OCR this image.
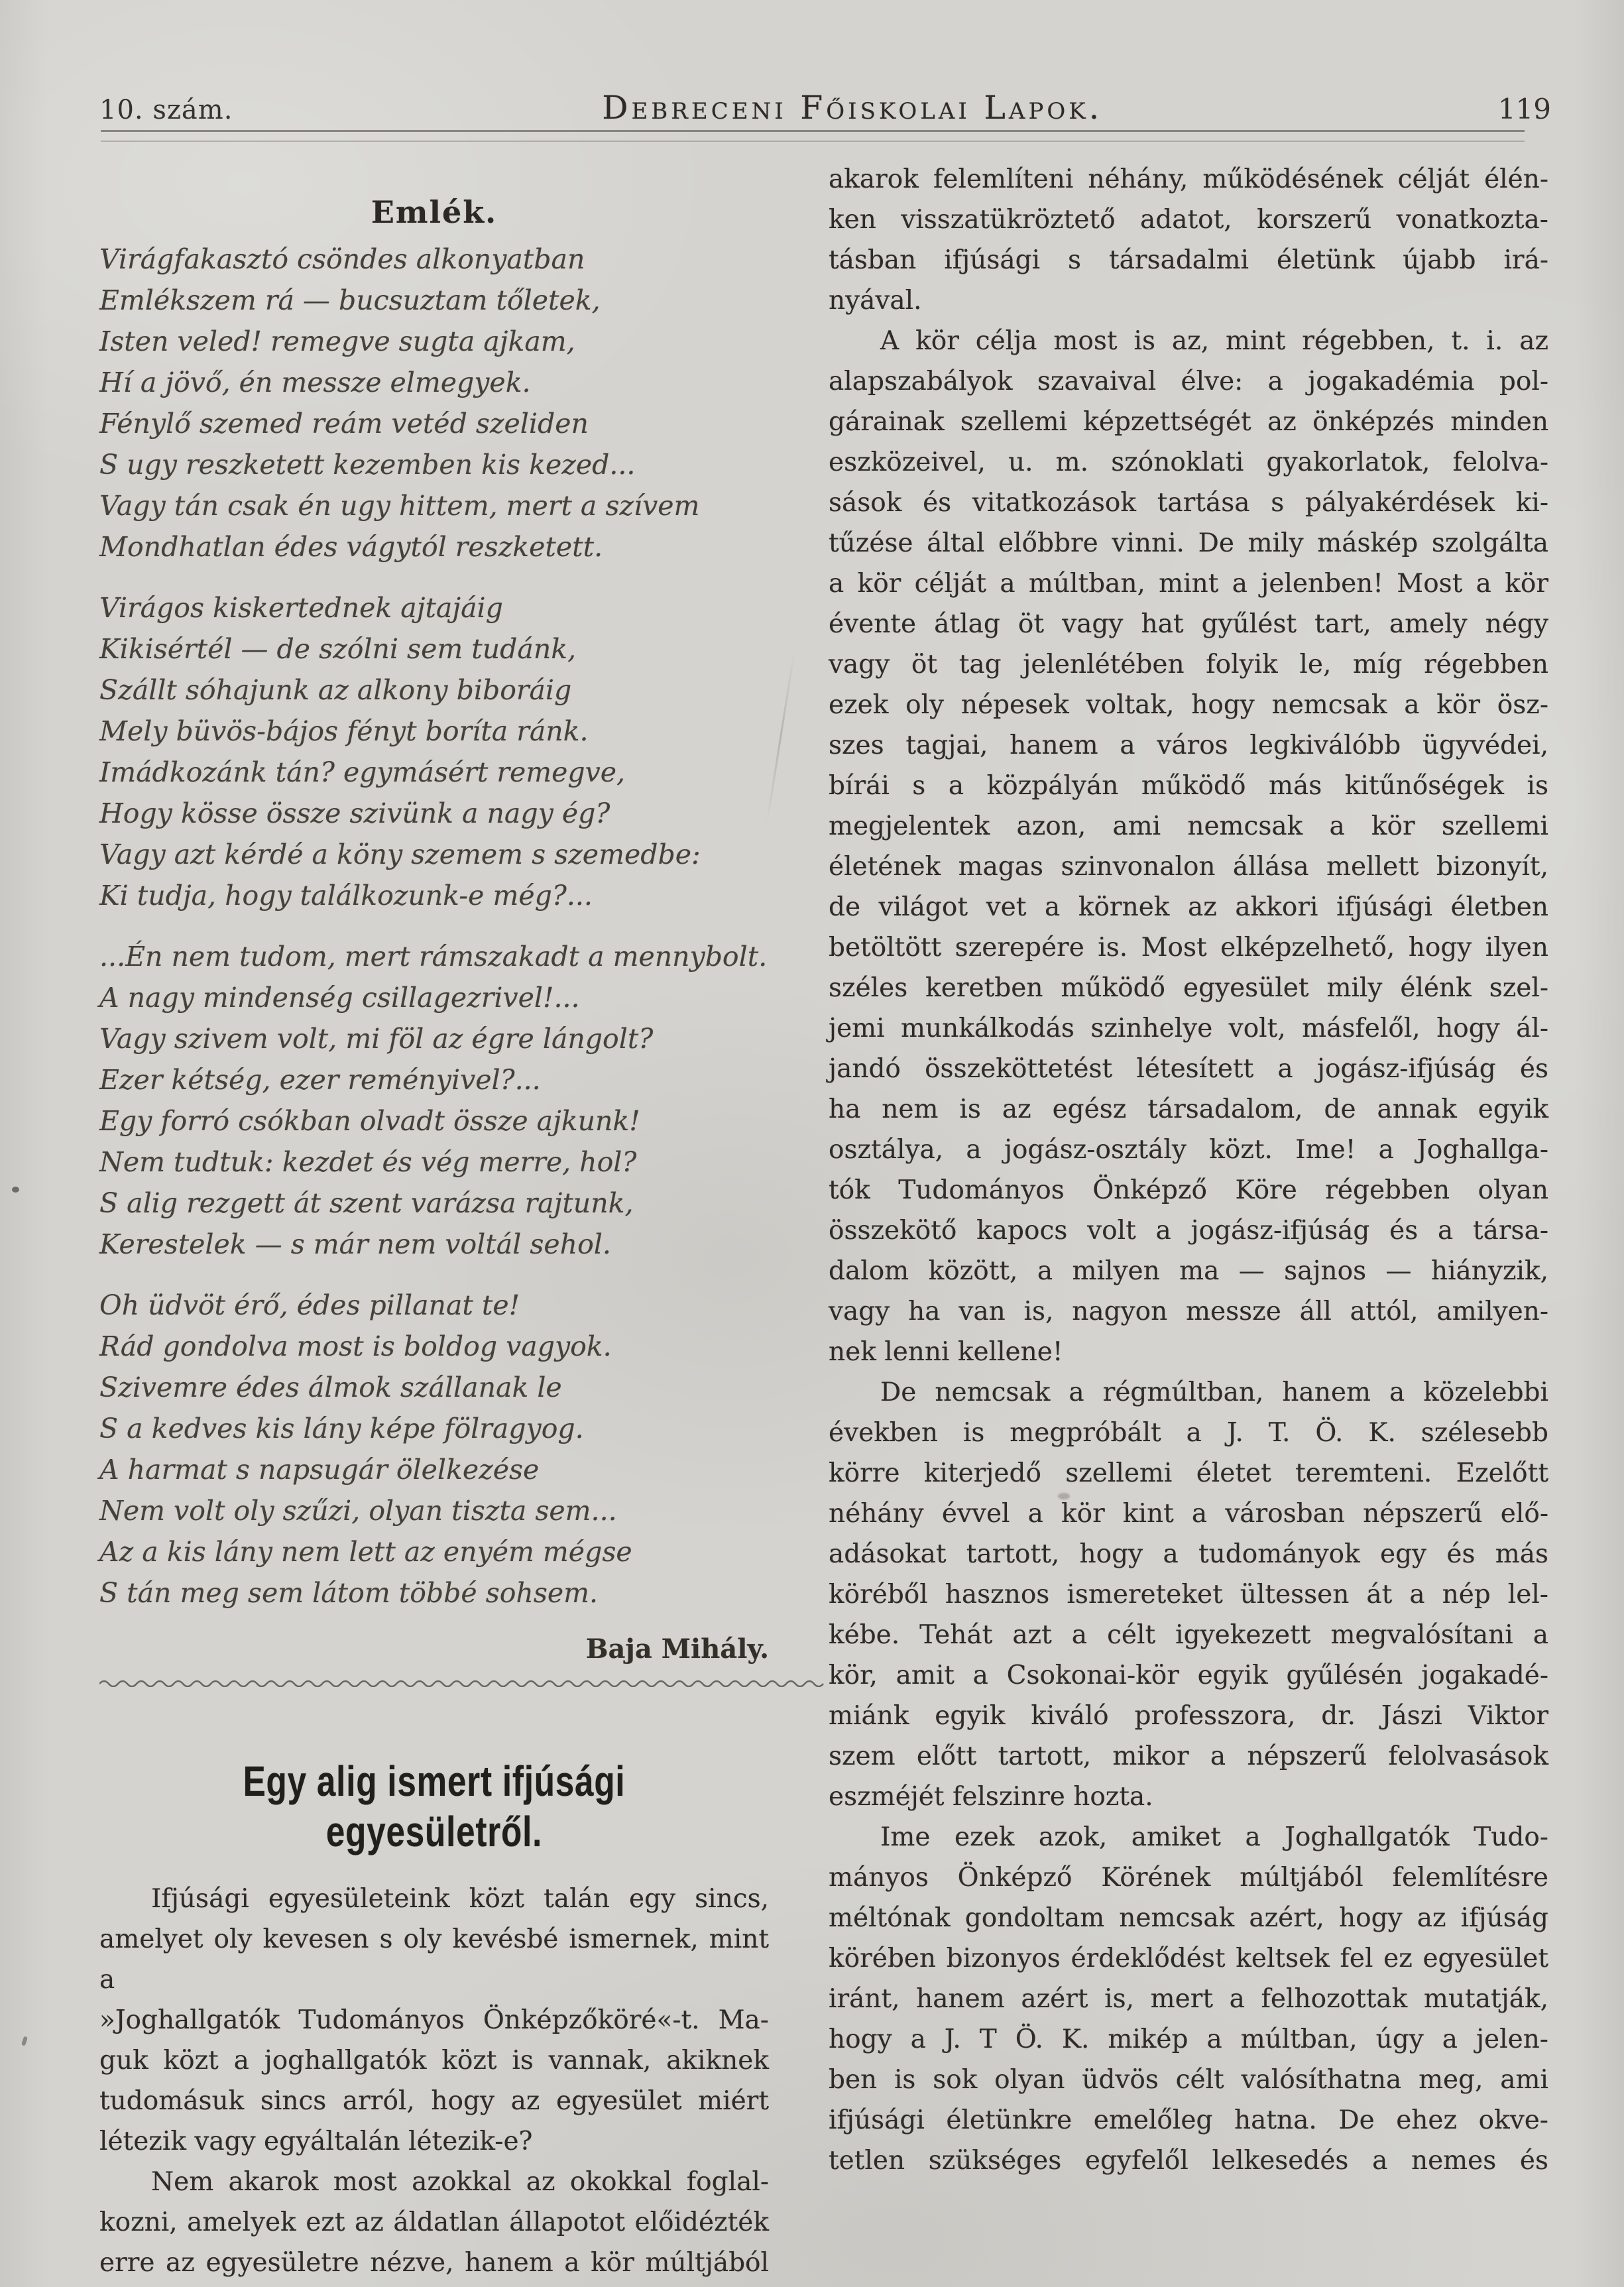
10. szám.	Debreceni Főiskolai Lapok.	119
Emlék.
Virágfakasztó csöndes alkonyatban
Emlékszem rá — bucsuztam tőletek,
Isten veled! remegve sugta ajkam,
Hí a jövő, én messze elmegyek.
Fénylő szemed reám vetéd szeliden
S ugy reszketett kezemben kis kezed...
Vagy tán csak én ugy hittem, mert a szívem
Mondhatlan édes vágytól reszketett.
Virágos kiskertednek ajtajáig
Kikisértél — de szólni sem tudánk,
Szállt sóhajunk az alkony biboráig
Mely büvös-bájos fényt boríta ránk.
Imádkozánk tán? egymásért remegve,
Hogy kösse össze szivünk a nagy ég?
Vagy azt kérdé a köny szemem s szemedbe:
Ki tudja, hogy találkozunk-e még?...
...Én nem tudom, mert rámszakadt a mennybolt.
A nagy mindenség csillagezrivel!...
Vagy szivem volt, mi föl az égre lángolt?
Ezer kétség, ezer reményivel?...
Egy forró csókban olvadt össze ajkunk!
Nem tudtuk: kezdet és vég merre, hol?
S alig rezgett át szent varázsa rajtunk,
Kerestelek — s már nem voltál sehol.
Oh üdvöt érő, édes pillanat te!
Rád gondolva most is boldog vagyok.
Szivemre édes álmok szállanak le
S a kedves kis lány képe fölragyog.
A harmat s napsugár ölelkezése
Nem volt oly szűzi, olyan tiszta sem...
Az a kis lány nem lett az enyém mégse
S tán meg sem látom többé sohsem.
Baja Mihály.
Egy alig ismert ifjúsági egyesületről.
Ifjúsági egyesületeink közt talán egy sincs,
amelyet oly kevesen s oly kevésbé ismernek, mint a
»Joghallgatók Tudományos Önképzőköré«-t. Ma-
guk közt a joghallgatók közt is vannak, akiknek
tudomásuk sincs arról, hogy az egyesület miért
létezik vagy egyáltalán létezik-e?
Nem akarok most azokkal az okokkal foglal-
kozni, amelyek ezt az áldatlan állapotot előidézték
erre az egyesületre nézve, hanem a kör múltjából
akarok felemlíteni néhány, működésének célját élén-
ken visszatükröztető adatot, korszerű vonatkozta-
tásban ifjúsági s társadalmi életünk újabb irá-
nyával.
A kör célja most is az, mint régebben, t. i. az
alapszabályok szavaival élve: a jogakadémia pol-
gárainak szellemi képzettségét az önképzés minden
eszközeivel, u. m. szónoklati gyakorlatok, felolva-
sások és vitatkozások tartása s pályakérdések ki-
tűzése által előbbre vinni. De mily máskép szolgálta
a kör célját a múltban, mint a jelenben! Most a kör
évente átlag öt vagy hat gyűlést tart, amely négy
vagy öt tag jelenlétében folyik le, míg régebben
ezek oly népesek voltak, hogy nemcsak a kör ösz-
szes tagjai, hanem a város legkiválóbb ügyvédei,
bírái s a közpályán működő más kitűnőségek is
megjelentek azon, ami nemcsak a kör szellemi
életének magas szinvonalon állása mellett bizonyít,
de világot vet a körnek az akkori ifjúsági életben
betöltött szerepére is. Most elképzelhető, hogy ilyen
széles keretben működő egyesület mily élénk szel-
jemi munkálkodás szinhelye volt, másfelől, hogy ál-
jandó összeköttetést létesített a jogász-ifjúság és
ha nem is az egész társadalom, de annak egyik
osztálya, a jogász-osztály közt. Ime! a Joghallga-
tók Tudományos Önképző Köre régebben olyan
összekötő kapocs volt a jogász-ifjúság és a társa-
dalom között, a milyen ma — sajnos — hiányzik,
vagy ha van is, nagyon messze áll attól, amilyen-
nek lenni kellene!
De nemcsak a régmúltban, hanem a közelebbi
években is megpróbált a J. T. Ö. K. szélesebb
körre kiterjedő szellemi életet teremteni. Ezelőtt
néhány évvel a kör kint a városban népszerű elő-
adásokat tartott, hogy a tudományok egy és más
köréből hasznos ismereteket ültessen át a nép lel-
kébe. Tehát azt a célt igyekezett megvalósítani a
kör, amit a Csokonai-kör egyik gyűlésén jogakadé-
miánk egyik kiváló professzora, dr. Jászi Viktor
szem előtt tartott, mikor a népszerű felolvasások
eszméjét felszinre hozta.
Ime ezek azok, amiket a Joghallgatók Tudo-
mányos Önképző Körének múltjából felemlítésre
méltónak gondoltam nemcsak azért, hogy az ifjúság
körében bizonyos érdeklődést keltsek fel ez egyesület
iránt, hanem azért is, mert a felhozottak mutatják,
hogy a J. T Ö. K. mikép a múltban, úgy a jelen-
ben is sok olyan üdvös célt valósíthatna meg, ami
ifjúsági életünkre emelőleg hatna. De ehez okve-
tetlen szükséges egyfelől lelkesedés a nemes és
